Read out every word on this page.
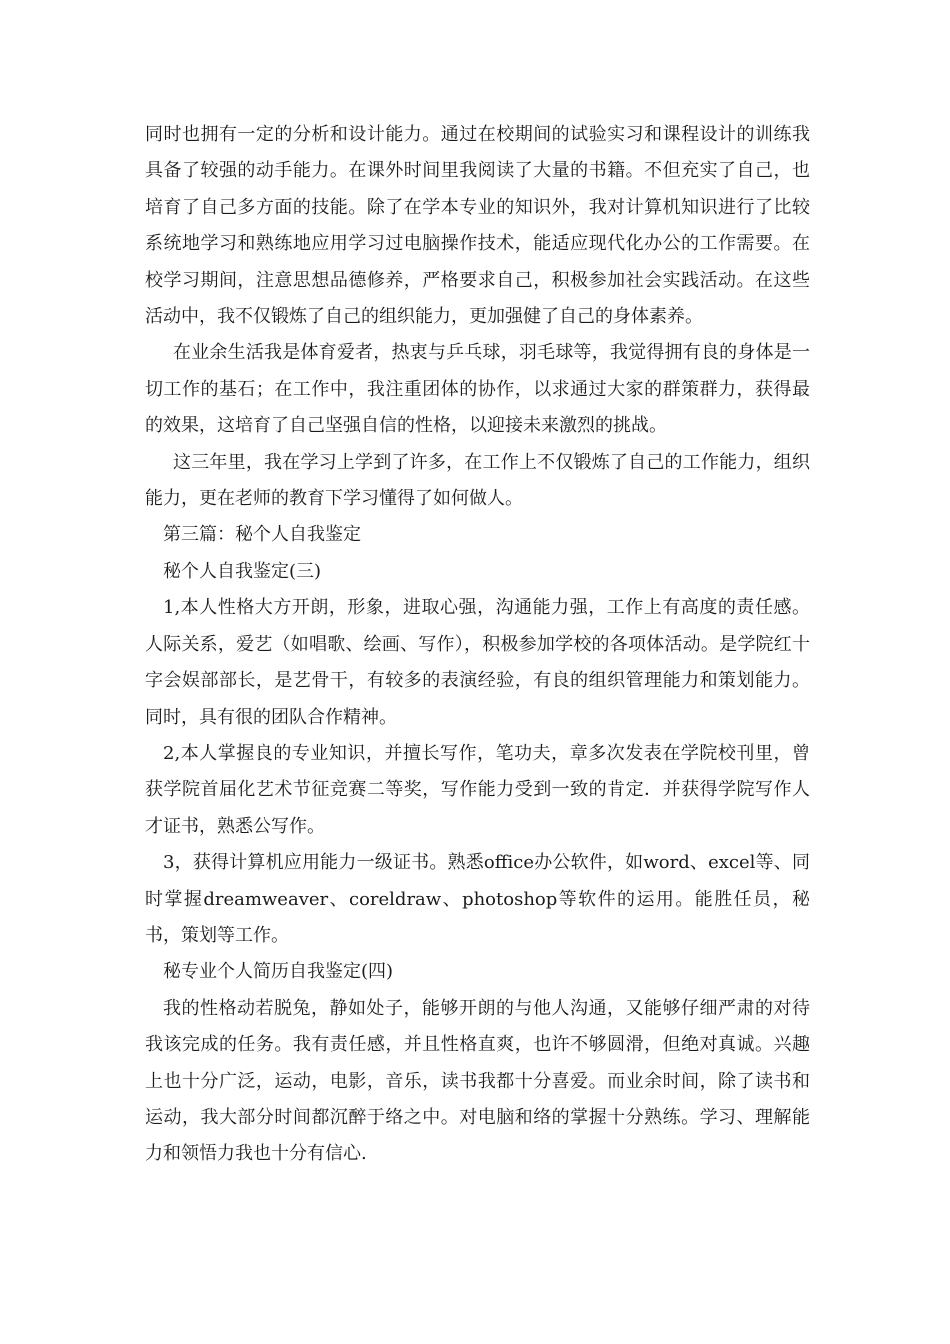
同时也拥有一定的分析和设计能力。通过在校期间的试验实习和课程设计的训练我具备了较强的动手能力。在课外时间里我阅读了大量的书籍。不但充实了自己，也培育了自己多方面的技能。除了在学本专业的知识外，我对计算机知识进行了比较系统地学习和熟练地应用学习过电脑操作技术，能适应现代化办公的工作需要。在校学习期间，注意思想品德修养，严格要求自己，积极参加社会实践活动。在这些活动中，我不仅锻炼了自己的组织能力，更加强健了自己的身体素养。

在业余生活我是体育爱者，热衷与乒乓球，羽毛球等，我觉得拥有良的身体是一切工作的基石；在工作中，我注重团体的协作，以求通过大家的群策群力，获得最的效果，这培育了自己坚强自信的性格，以迎接未来激烈的挑战。

这三年里，我在学习上学到了许多，在工作上不仅锻炼了自己的工作能力，组织能力，更在老师的教育下学习懂得了如何做人。

第三篇：秘个人自我鉴定

秘个人自我鉴定(三)

1,本人性格大方开朗，形象，进取心强，沟通能力强，工作上有高度的责任感。人际关系，爱艺（如唱歌、绘画、写作），积极参加学校的各项体活动。是学院红十字会娱部部长，是艺骨干，有较多的表演经验，有良的组织管理能力和策划能力。同时，具有很的团队合作精神。

2,本人掌握良的专业知识，并擅长写作，笔功夫，章多次发表在学院校刊里，曾获学院首届化艺术节征竞赛二等奖，写作能力受到一致的肯定．并获得学院写作人才证书，熟悉公写作。

3，获得计算机应用能力一级证书。熟悉office办公软件，如word、excel等、同时掌握dreamweaver、coreldraw、photoshop等软件的运用。能胜任员，秘书，策划等工作。

秘专业个人简历自我鉴定(四)

我的性格动若脱兔，静如处子，能够开朗的与他人沟通，又能够仔细严肃的对待我该完成的任务。我有责任感，并且性格直爽，也许不够圆滑，但绝对真诚。兴趣上也十分广泛，运动，电影，音乐，读书我都十分喜爱。而业余时间，除了读书和运动，我大部分时间都沉醉于络之中。对电脑和络的掌握十分熟练。学习、理解能力和领悟力我也十分有信心.
